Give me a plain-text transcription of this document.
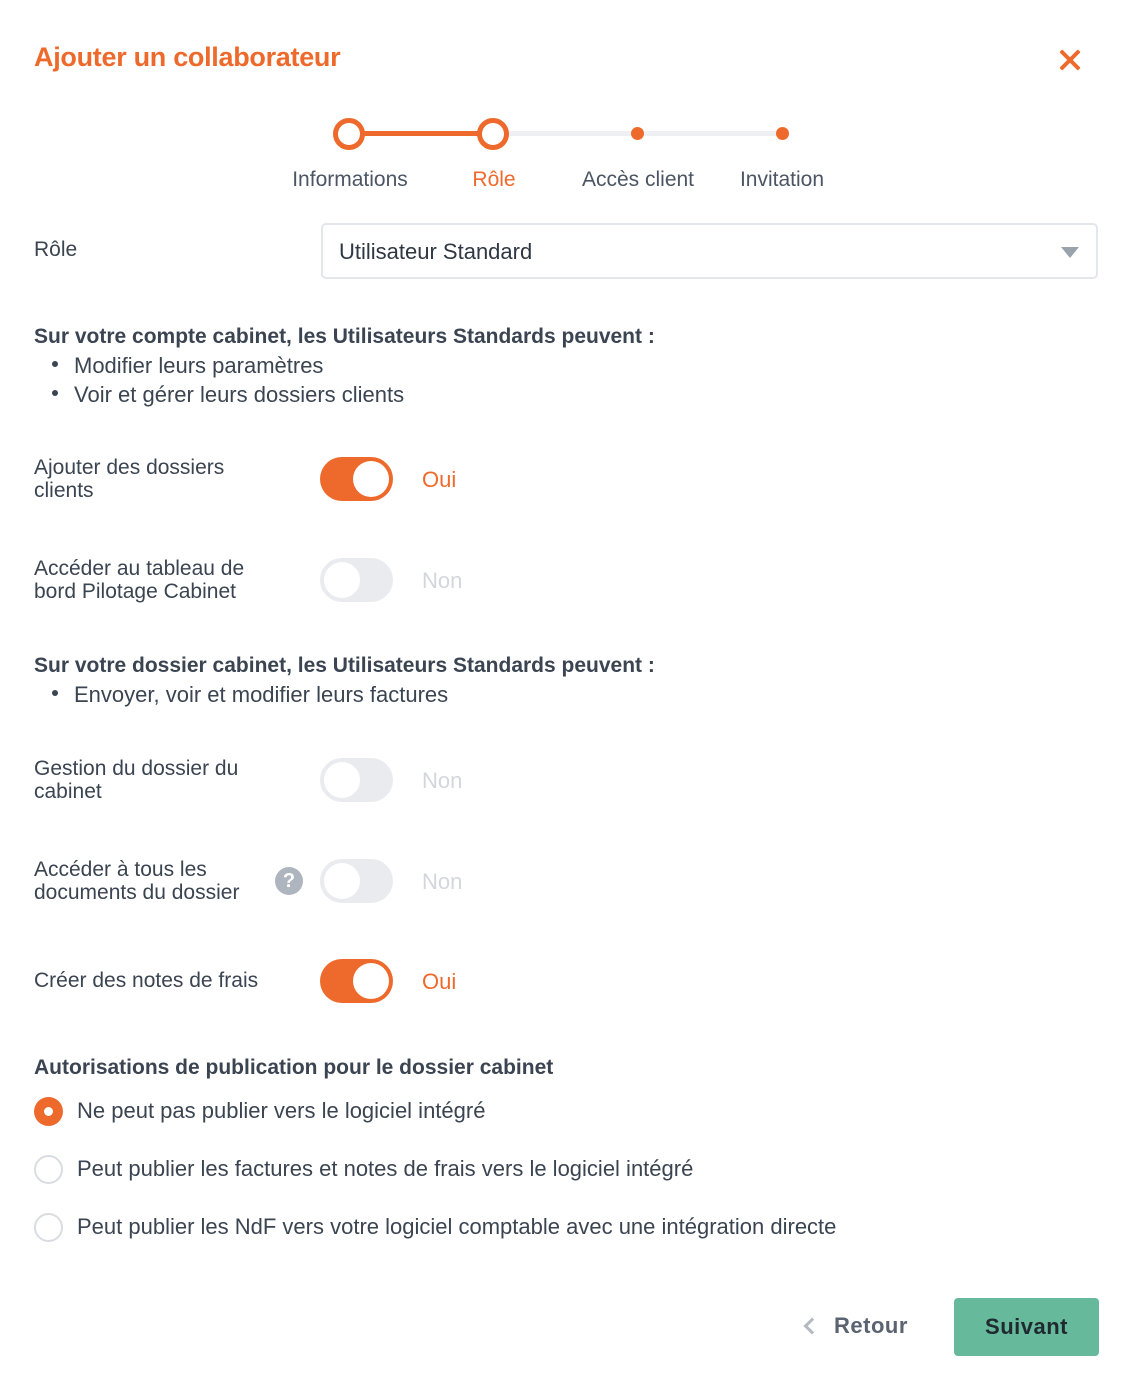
Ajouter un collaborateur
Informations	Rôle	Accès client Invitation
Rôle	Utilisateur Standard
Sur votre compte cabinet, les Utilisateurs Standards peuvent :
Modifier leurs paramètres
Voir et gérer leurs dossiers clients
Ajouter des dossiers clients	Oui
Accéder au tableau de bord Pilotage Cabinet	Non
Sur votre dossier cabinet, les Utilisateurs Standards peuvent :
Envoyer, voir et modifier leurs factures
Gestion du dossier du cabinet	Non
Accéder à tous les documents du dossier	?	Non
Créer des notes de frais	Oui
Autorisations de publication pour le dossier cabinet
Ne peut pas publier vers le logiciel intégré
Peut publier les factures et notes de frais vers le logiciel intégré
Peut publier les NdF vers votre logiciel comptable avec une intégration directe
Retour	Suivant
